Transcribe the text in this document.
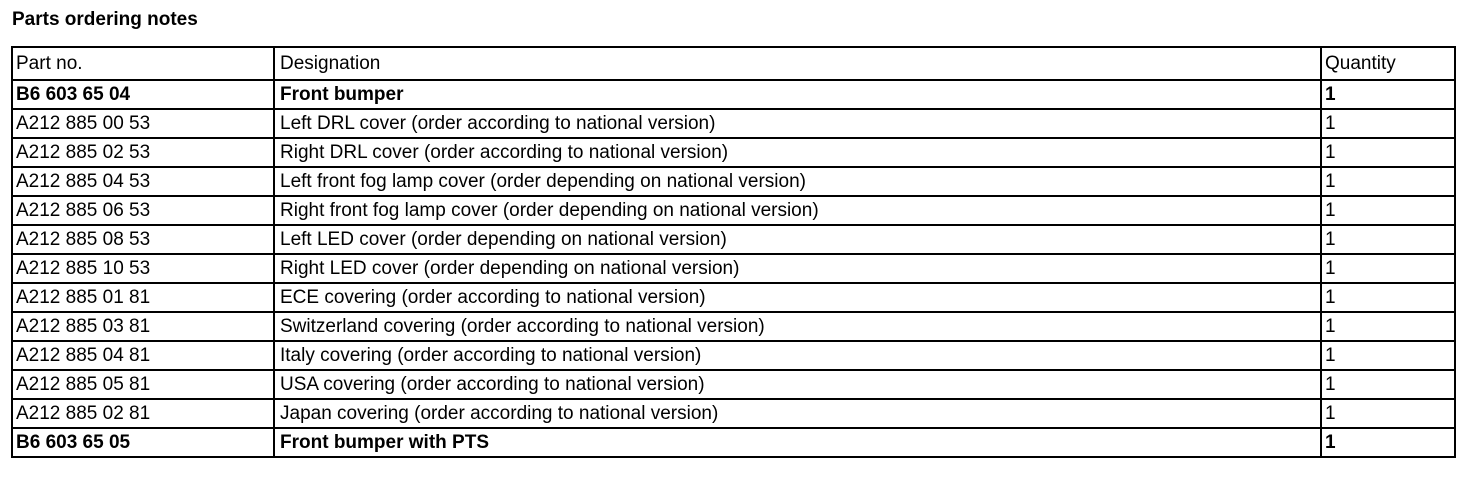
Parts ordering notes
Part no.	Designation	Quantity
B6 603 65 04	Front bumper	1
A212 885 00 53	Left DRL cover (order according to national version)	1
A212 885 02 53	Right DRL cover (order according to national version)	1
A212 885 04 53	Left front fog lamp cover (order depending on national version)	1
A212 885 06 53	Right front fog lamp cover (order depending on national version)	1
A212 885 08 53	Left LED cover (order depending on national version)	1
A212 885 10 53	Right LED cover (order depending on national version)	1
A212 885 01 81	ECE covering (order according to national version)	1
A212 885 03 81	Switzerland covering (order according to national version)	1
A212 885 04 81	Italy covering (order according to national version)	1
A212 885 05 81	USA covering (order according to national version)	1
A212 885 02 81	Japan covering (order according to national version)	1
B6 603 65 05	Front bumper with PTS	1
